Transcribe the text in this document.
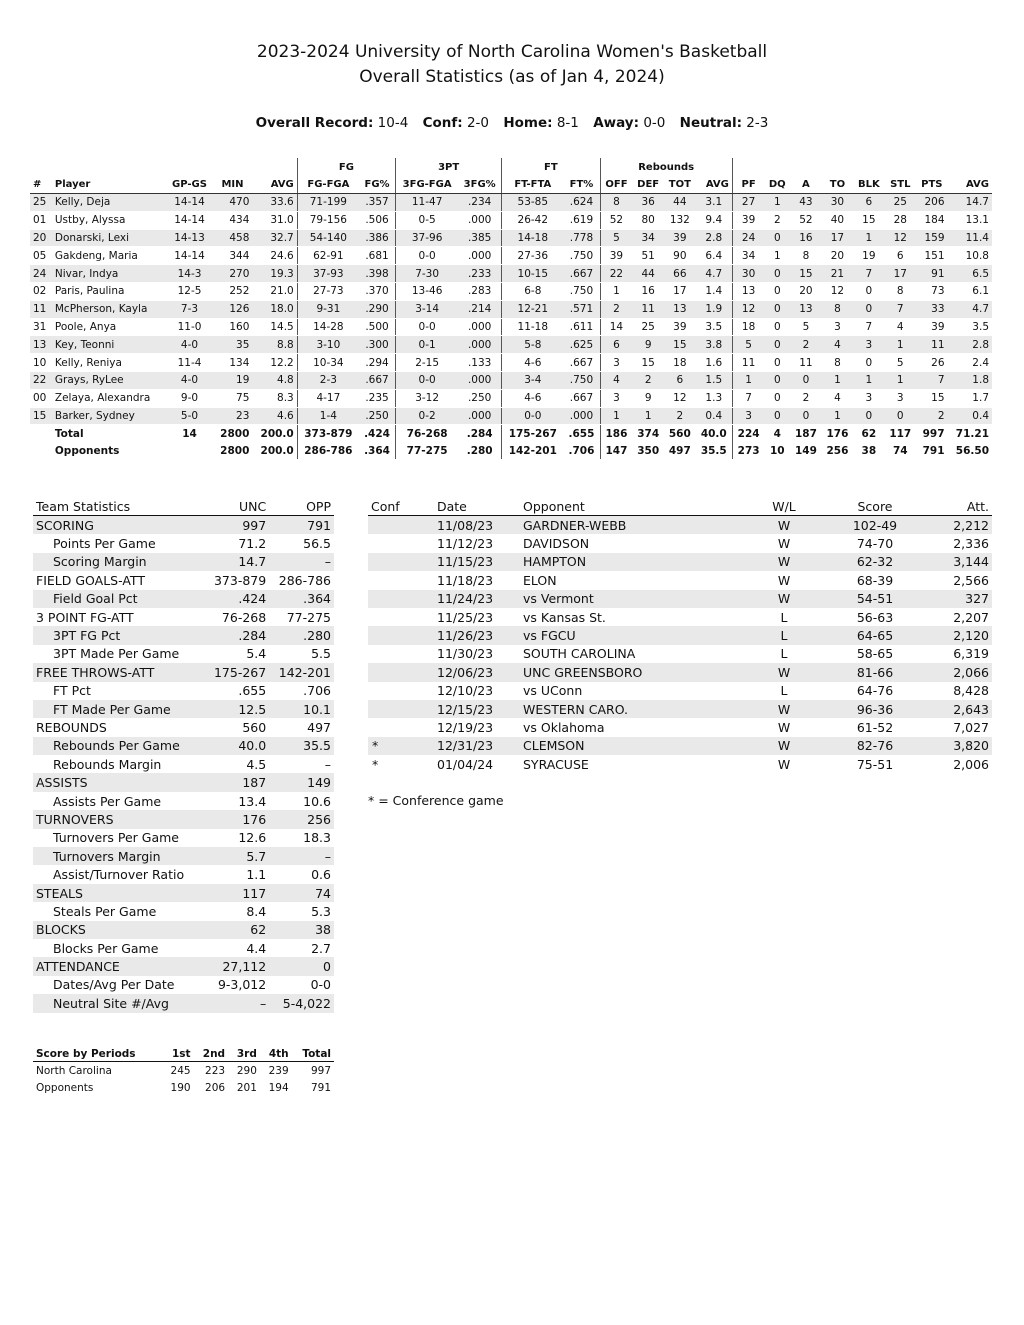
2023-2024 University of North Carolina Women's Basketball
Overall Statistics (as of Jan 4, 2024)
Overall Record: 10-4 Conf: 2-0 Home: 8-1 Away: 0-0 Neutral: 2-3
					FG		3PT		FT		Rebounds											
#	Player	GP-GS	MIN	AVG	FG-FGA	FG%	3FG-FGA	3FG%	FT-FTA	FT%	OFF	DEF	TOT	AVG	PF	DQ	A	TO	BLK	STL	PTS	AVG
25	Kelly, Deja	14-14	470	33.6	71-199	.357	11-47	.234	53-85	.624	8	36	44	3.1	27	1	43	30	6	25	206	14.7
01	Ustby, Alyssa	14-14	434	31.0	79-156	.506	0-5	.000	26-42	.619	52	80	132	9.4	39	2	52	40	15	28	184	13.1
20	Donarski, Lexi	14-13	458	32.7	54-140	.386	37-96	.385	14-18	.778	5	34	39	2.8	24	0	16	17	1	12	159	11.4
05	Gakdeng, Maria	14-14	344	24.6	62-91	.681	0-0	.000	27-36	.750	39	51	90	6.4	34	1	8	20	19	6	151	10.8
24	Nivar, Indya	14-3	270	19.3	37-93	.398	7-30	.233	10-15	.667	22	44	66	4.7	30	0	15	21	7	17	91	6.5
02	Paris, Paulina	12-5	252	21.0	27-73	.370	13-46	.283	6-8	.750	1	16	17	1.4	13	0	20	12	0	8	73	6.1
11	McPherson, Kayla	7-3	126	18.0	9-31	.290	3-14	.214	12-21	.571	2	11	13	1.9	12	0	13	8	0	7	33	4.7
31	Poole, Anya	11-0	160	14.5	14-28	.500	0-0	.000	11-18	.611	14	25	39	3.5	18	0	5	3	7	4	39	3.5
13	Key, Teonni	4-0	35	8.8	3-10	.300	0-1	.000	5-8	.625	6	9	15	3.8	5	0	2	4	3	1	11	2.8
10	Kelly, Reniya	11-4	134	12.2	10-34	.294	2-15	.133	4-6	.667	3	15	18	1.6	11	0	11	8	0	5	26	2.4
22	Grays, RyLee	4-0	19	4.8	2-3	.667	0-0	.000	3-4	.750	4	2	6	1.5	1	0	0	1	1	1	7	1.8
00	Zelaya, Alexandra	9-0	75	8.3	4-17	.235	3-12	.250	4-6	.667	3	9	12	1.3	7	0	2	4	3	3	15	1.7
15	Barker, Sydney	5-0	23	4.6	1-4	.250	0-2	.000	0-0	.000	1	1	2	0.4	3	0	0	1	0	0	2	0.4
	Total	14	2800	200.0	373-879	.424	76-268	.284	175-267	.655	186	374	560	40.0	224	4	187	176	62	117	997	71.21
	Opponents		2800	200.0	286-786	.364	77-275	.280	142-201	.706	147	350	497	35.5	273	10	149	256	38	74	791	56.50
Team Statistics	UNC	OPP
SCORING	997	791
Points Per Game	71.2	56.5
Scoring Margin	14.7	–
FIELD GOALS-ATT	373-879	286-786
Field Goal Pct	.424	.364
3 POINT FG-ATT	76-268	77-275
3PT FG Pct	.284	.280
3PT Made Per Game	5.4	5.5
FREE THROWS-ATT	175-267	142-201
FT Pct	.655	.706
FT Made Per Game	12.5	10.1
REBOUNDS	560	497
Rebounds Per Game	40.0	35.5
Rebounds Margin	4.5	–
ASSISTS	187	149
Assists Per Game	13.4	10.6
TURNOVERS	176	256
Turnovers Per Game	12.6	18.3
Turnovers Margin	5.7	–
Assist/Turnover Ratio	1.1	0.6
STEALS	117	74
Steals Per Game	8.4	5.3
BLOCKS	62	38
Blocks Per Game	4.4	2.7
ATTENDANCE	27,112	0
Dates/Avg Per Date	9-3,012	0-0
Neutral Site #/Avg	–	5-4,022
Conf	Date	Opponent	W/L	Score	Att.
	11/08/23	GARDNER-WEBB	W	102-49	2,212
	11/12/23	DAVIDSON	W	74-70	2,336
	11/15/23	HAMPTON	W	62-32	3,144
	11/18/23	ELON	W	68-39	2,566
	11/24/23	vs Vermont	W	54-51	327
	11/25/23	vs Kansas St.	L	56-63	2,207
	11/26/23	vs FGCU	L	64-65	2,120
	11/30/23	SOUTH CAROLINA	L	58-65	6,319
	12/06/23	UNC GREENSBORO	W	81-66	2,066
	12/10/23	vs UConn	L	64-76	8,428
	12/15/23	WESTERN CARO.	W	96-36	2,643
	12/19/23	vs Oklahoma	W	61-52	7,027
*	12/31/23	CLEMSON	W	82-76	3,820
*	01/04/24	SYRACUSE	W	75-51	2,006
* = Conference game
Score by Periods	1st	2nd	3rd	4th	Total
North Carolina	245	223	290	239	997
Opponents	190	206	201	194	791
